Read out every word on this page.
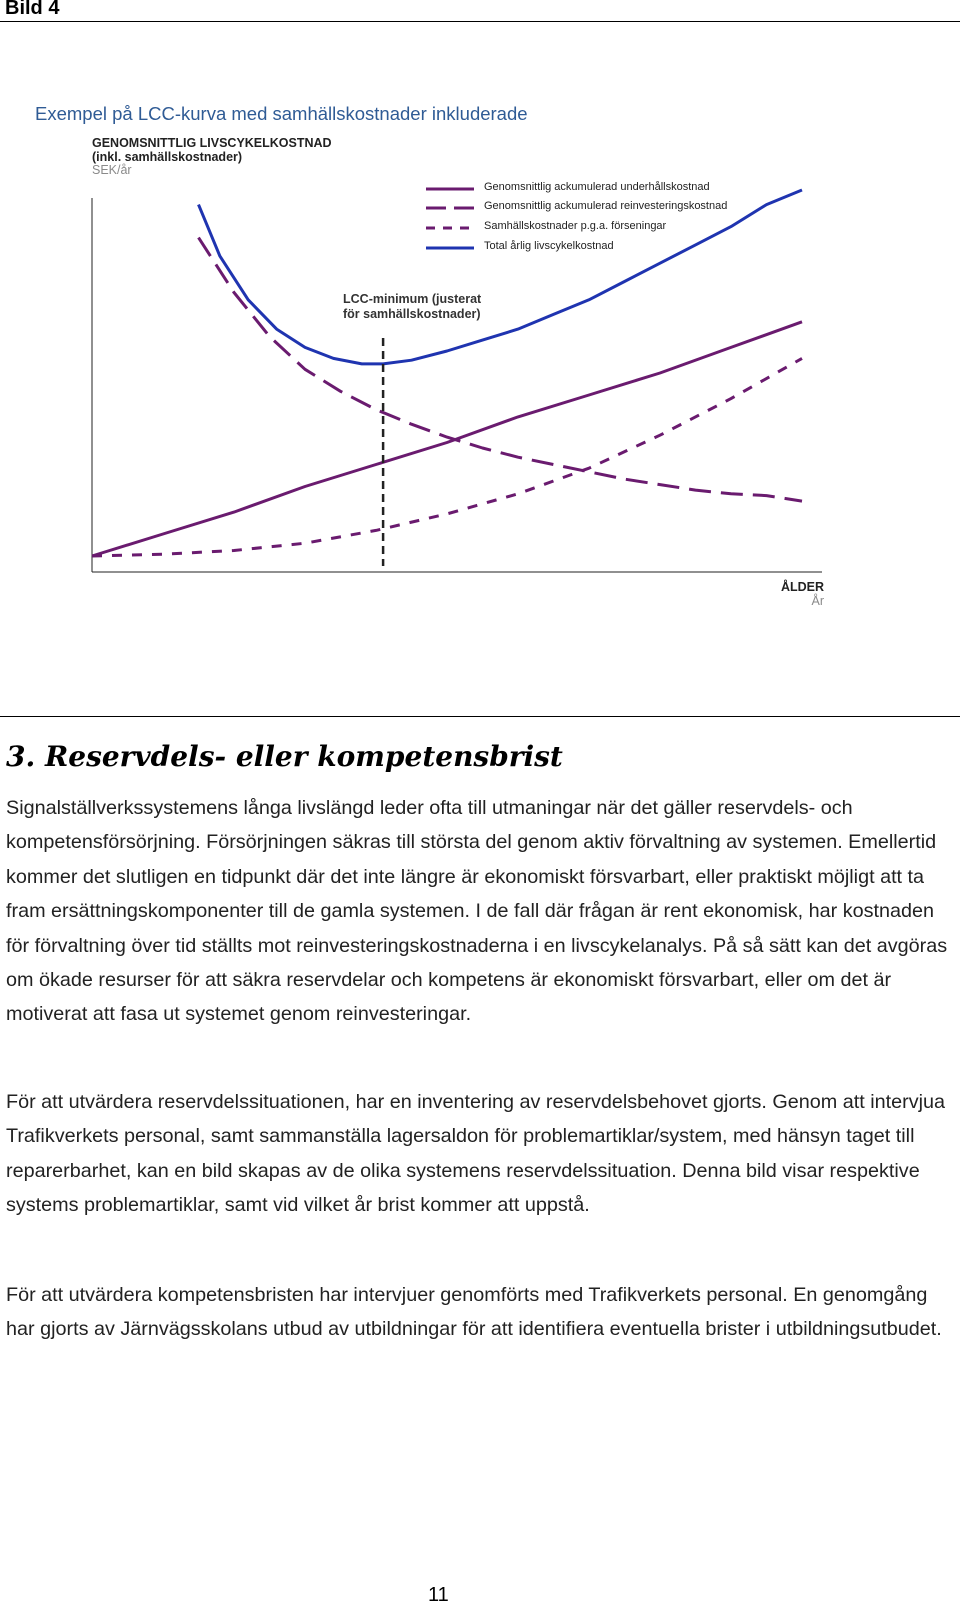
Bild 4
Exempel på LCC-kurva med samhällskostnader inkluderade
GENOMSNITTLIG LIVSCYKELKOSTNAD
(inkl. samhällskostnader)
SEK/år
Genomsnittlig ackumulerad underhållskostnad
Genomsnittlig ackumulerad reinvesteringskostnad
Samhällskostnader p.g.a. förseningar
Total årlig livscykelkostnad
LCC-minimum (justerat
för samhällskostnader)
ÅLDER
År
3. Reservdels- eller kompetensbrist

Signalställverkssystemens långa livslängd leder ofta till utmaningar när det gäller reservdels- och kompetensförsörjning. Försörjningen säkras till största del genom aktiv förvaltning av systemen. Emellertid kommer det slutligen en tidpunkt där det inte längre är ekonomiskt försvarbart, eller praktiskt möjligt att ta fram ersättningskomponenter till de gamla systemen. I de fall där frågan är rent ekonomisk, har kostnaden för förvaltning över tid ställts mot reinvesteringskostnaderna i en livscykelanalys. På så sätt kan det avgöras om ökade resurser för att säkra reservdelar och kompetens är ekonomiskt försvarbart, eller om det är motiverat att fasa ut systemet genom reinvesteringar.

För att utvärdera reservdelssituationen, har en inventering av reservdelsbehovet gjorts. Genom att intervjua Trafikverkets personal, samt sammanställa lagersaldon för problemartiklar/system, med hänsyn taget till reparerbarhet, kan en bild skapas av de olika systemens reservdelssituation. Denna bild visar respektive systems problemartiklar, samt vid vilket år brist kommer att uppstå.

För att utvärdera kompetensbristen har intervjuer genomförts med Trafikverkets personal. En genomgång har gjorts av Järnvägsskolans utbud av utbildningar för att identifiera eventuella brister i utbildningsutbudet.

11
